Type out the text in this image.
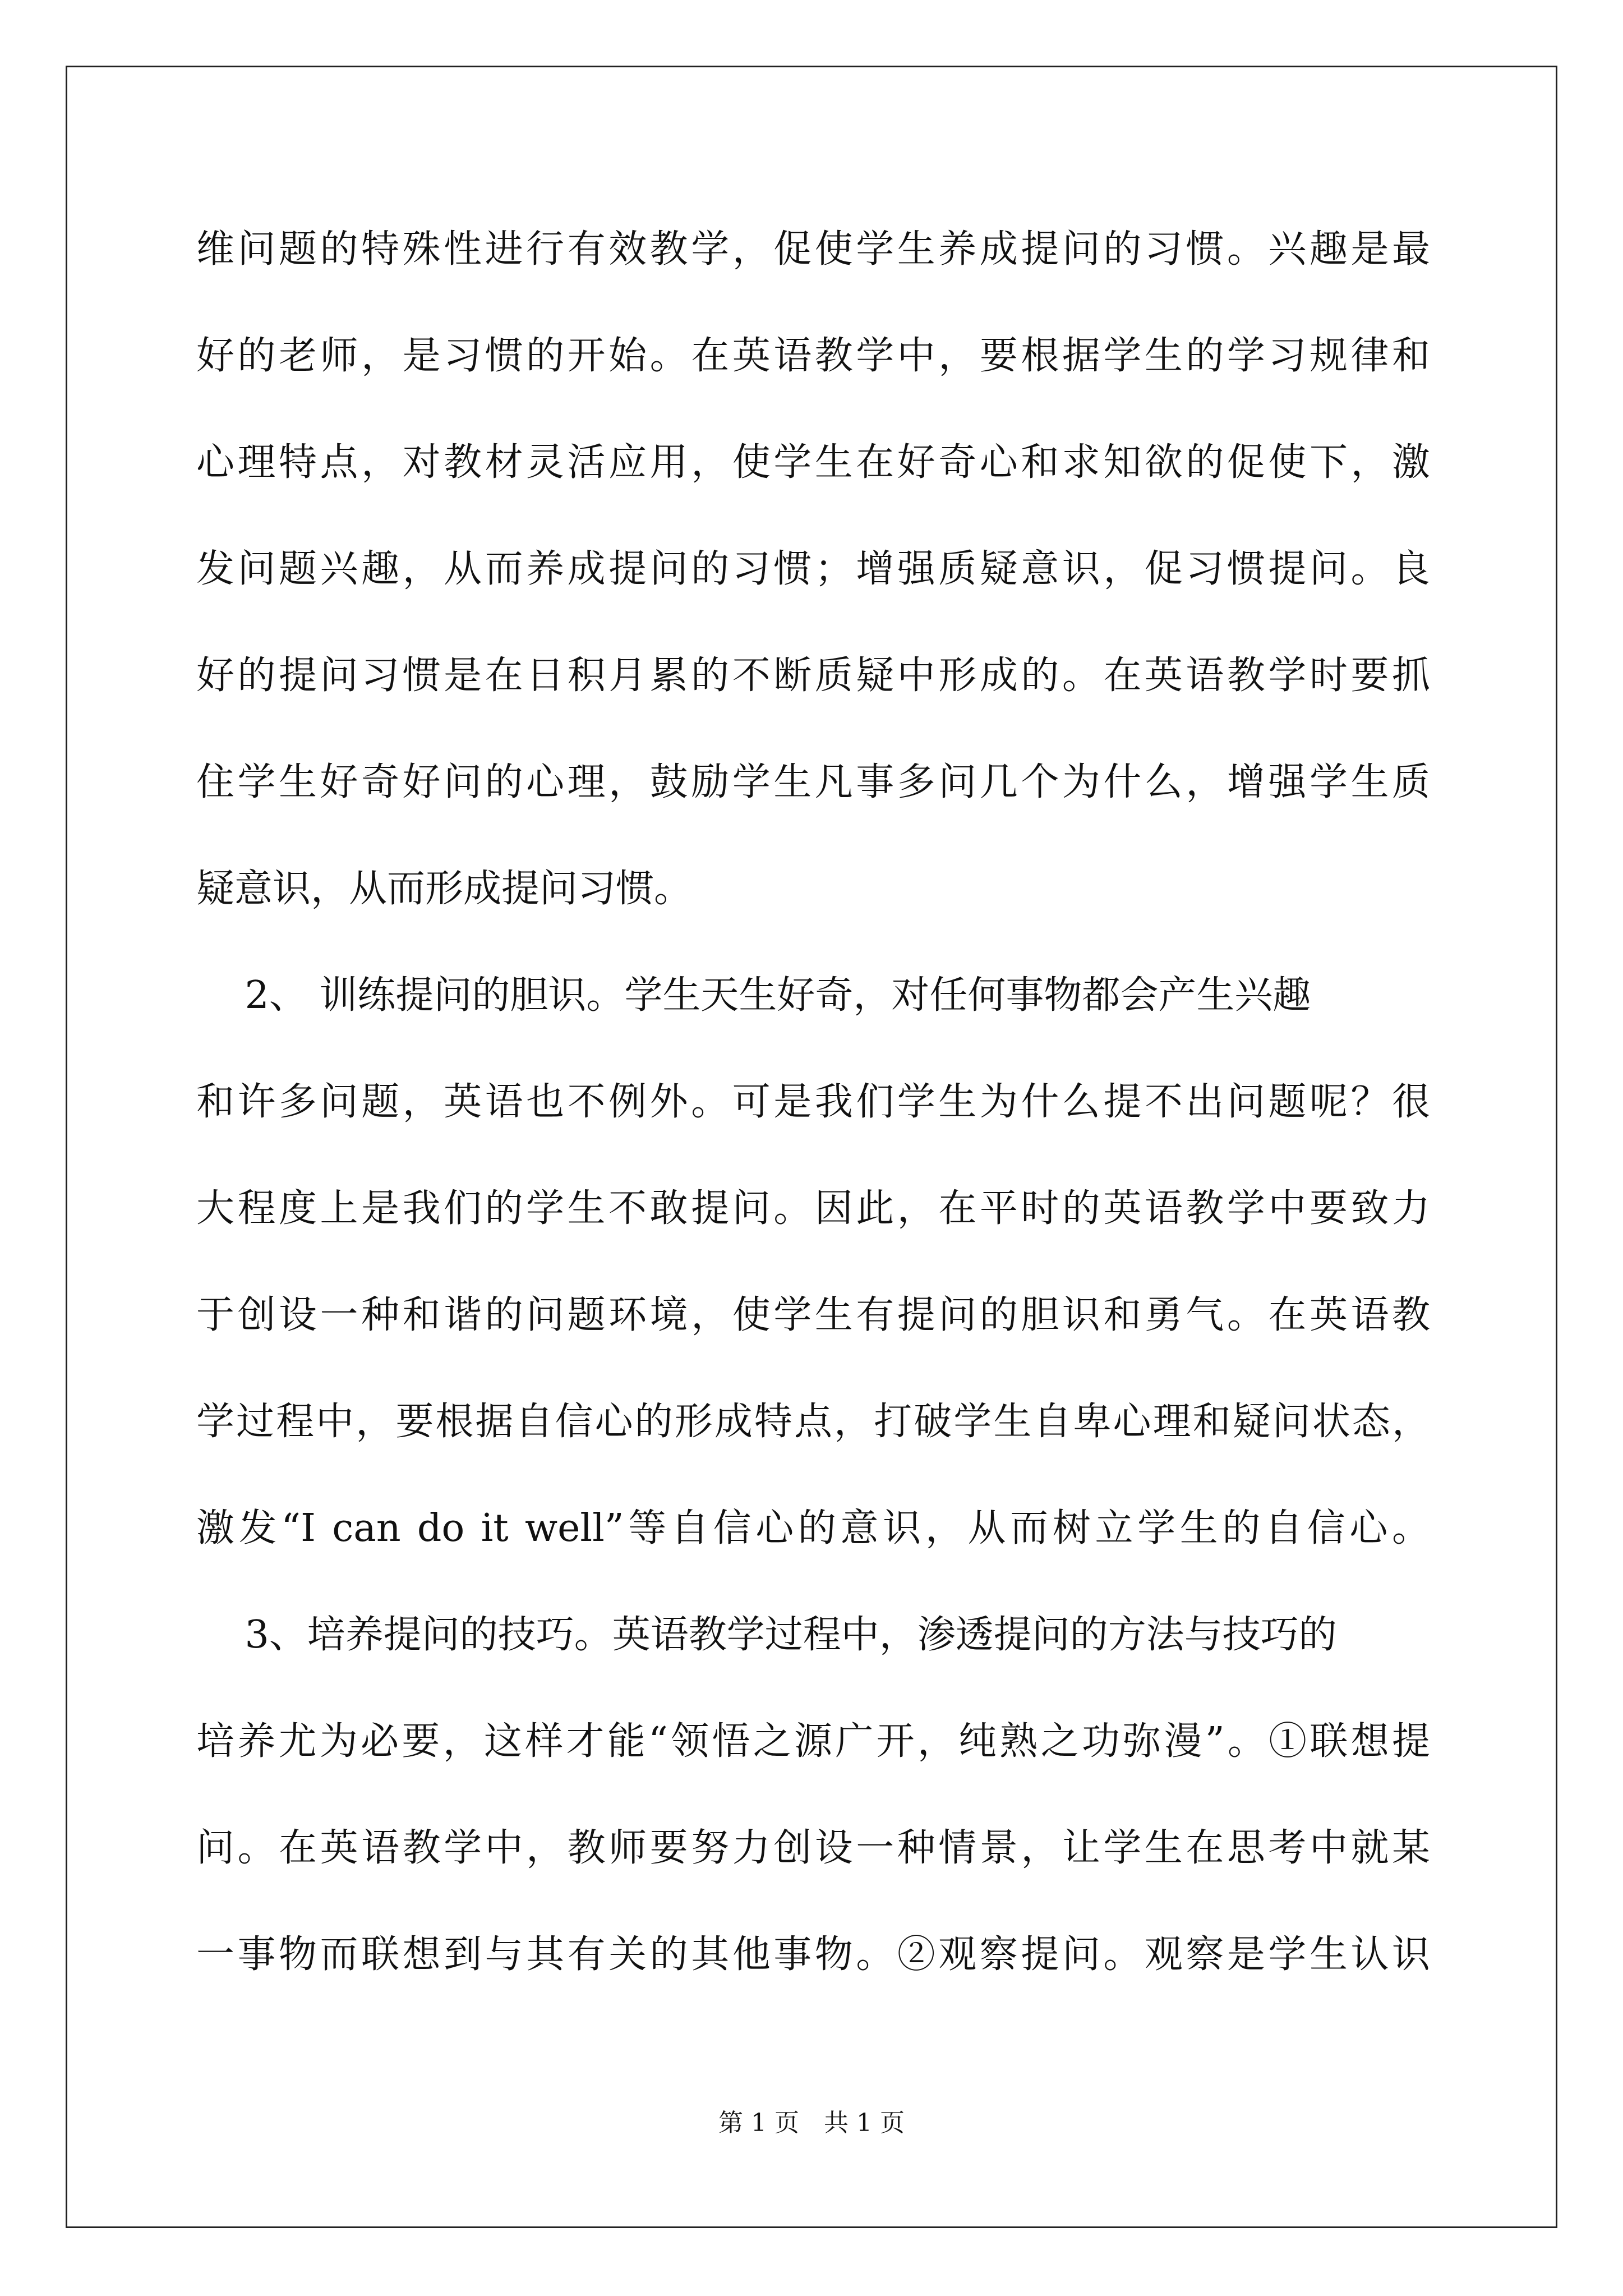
维问题的特殊性进行有效教学，促使学生养成提问的习惯。兴趣是最
好的老师，是习惯的开始。在英语教学中，要根据学生的学习规律和
心理特点，对教材灵活应用，使学生在好奇心和求知欲的促使下，激
发问题兴趣，从而养成提问的习惯；增强质疑意识，促习惯提问。良
好的提问习惯是在日积月累的不断质疑中形成的。在英语教学时要抓
住学生好奇好问的心理，鼓励学生凡事多问几个为什么，增强学生质
疑意识，从而形成提问习惯。
2、 训练提问的胆识。学生天生好奇，对任何事物都会产生兴趣
和许多问题，英语也不例外。可是我们学生为什么提不出问题呢？很
大程度上是我们的学生不敢提问。因此，在平时的英语教学中要致力
于创设一种和谐的问题环境，使学生有提问的胆识和勇气。在英语教
学过程中，要根据自信心的形成特点，打破学生自卑心理和疑问状态，
激发“I can do it well”等自信心的意识，从而树立学生的自信心。
3、培养提问的技巧。英语教学过程中，渗透提问的方法与技巧的
培养尤为必要，这样才能“领悟之源广开，纯熟之功弥漫”。①联想提
问。在英语教学中，教师要努力创设一种情景，让学生在思考中就某
一事物而联想到与其有关的其他事物。②观察提问。观察是学生认识
第 1 页　共 1 页
